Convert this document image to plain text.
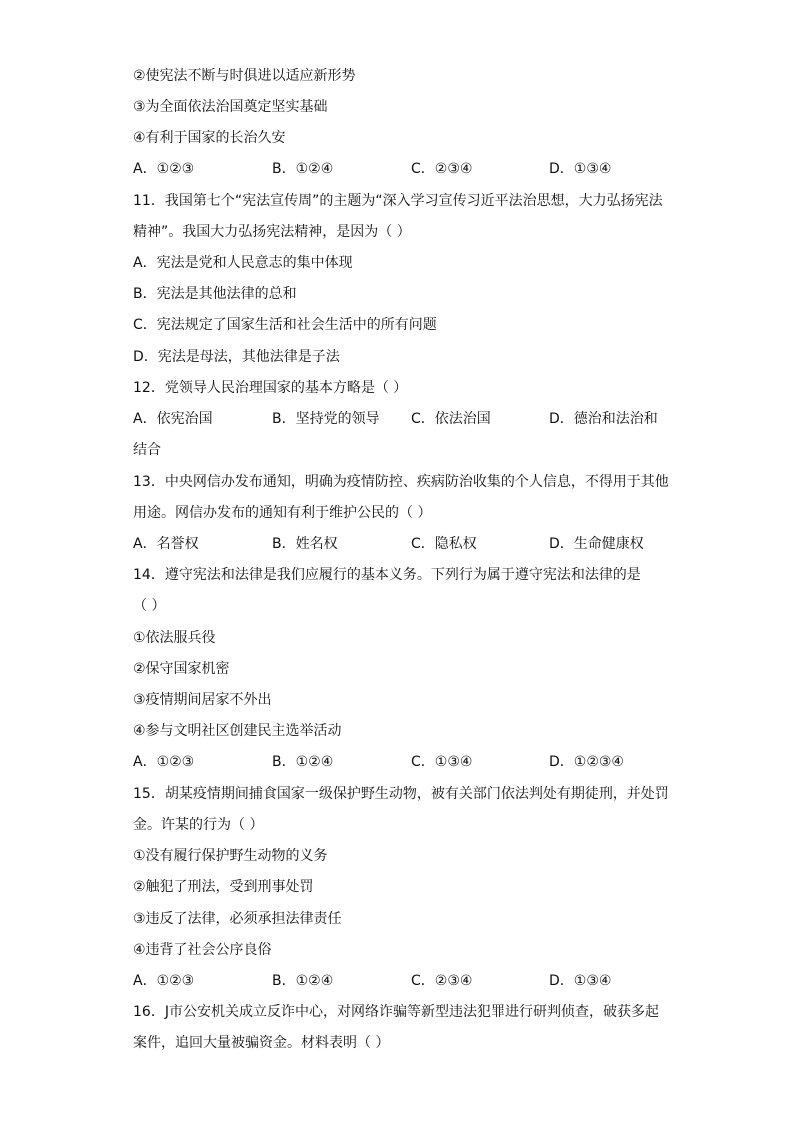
②使宪法不断与时俱进以适应新形势
③为全面依法治国奠定坚实基础
④有利于国家的长治久安
A．①②③	B．①②④	C．②③④	D．①③④
11．我国第七个“宪法宣传周”的主题为“深入学习宣传习近平法治思想，大力弘扬宪法
精神”。我国大力弘扬宪法精神，是因为（ ）
A．宪法是党和人民意志的集中体现
B．宪法是其他法律的总和
C．宪法规定了国家生活和社会生活中的所有问题
D．宪法是母法，其他法律是子法
12．党领导人民治理国家的基本方略是（ ）
A．依宪治国	B．坚持党的领导 C．依法治国	D．德治和法治和
结合
13．中央网信办发布通知，明确为疫情防控、疾病防治收集的个人信息，不得用于其他
用途。网信办发布的通知有利于维护公民的（ ）
A．名誉权	B．姓名权	C．隐私权	D．生命健康权
14．遵守宪法和法律是我们应履行的基本义务。下列行为属于遵守宪法和法律的是
（ ）
①依法服兵役
②保守国家机密
③疫情期间居家不外出
④参与文明社区创建民主选举活动
A．①②③	B．①②④	C．①③④	D．①②③④
15．胡某疫情期间捕食国家一级保护野生动物，被有关部门依法判处有期徒刑，并处罚
金。许某的行为（ ）
①没有履行保护野生动物的义务
②触犯了刑法，受到刑事处罚
③违反了法律，必须承担法律责任
④违背了社会公序良俗
A．①②③	B．①②④	C．②③④	D．①③④
16．J市公安机关成立反诈中心，对网络诈骗等新型违法犯罪进行研判侦查，破获多起
案件，追回大量被骗资金。材料表明（ ）
